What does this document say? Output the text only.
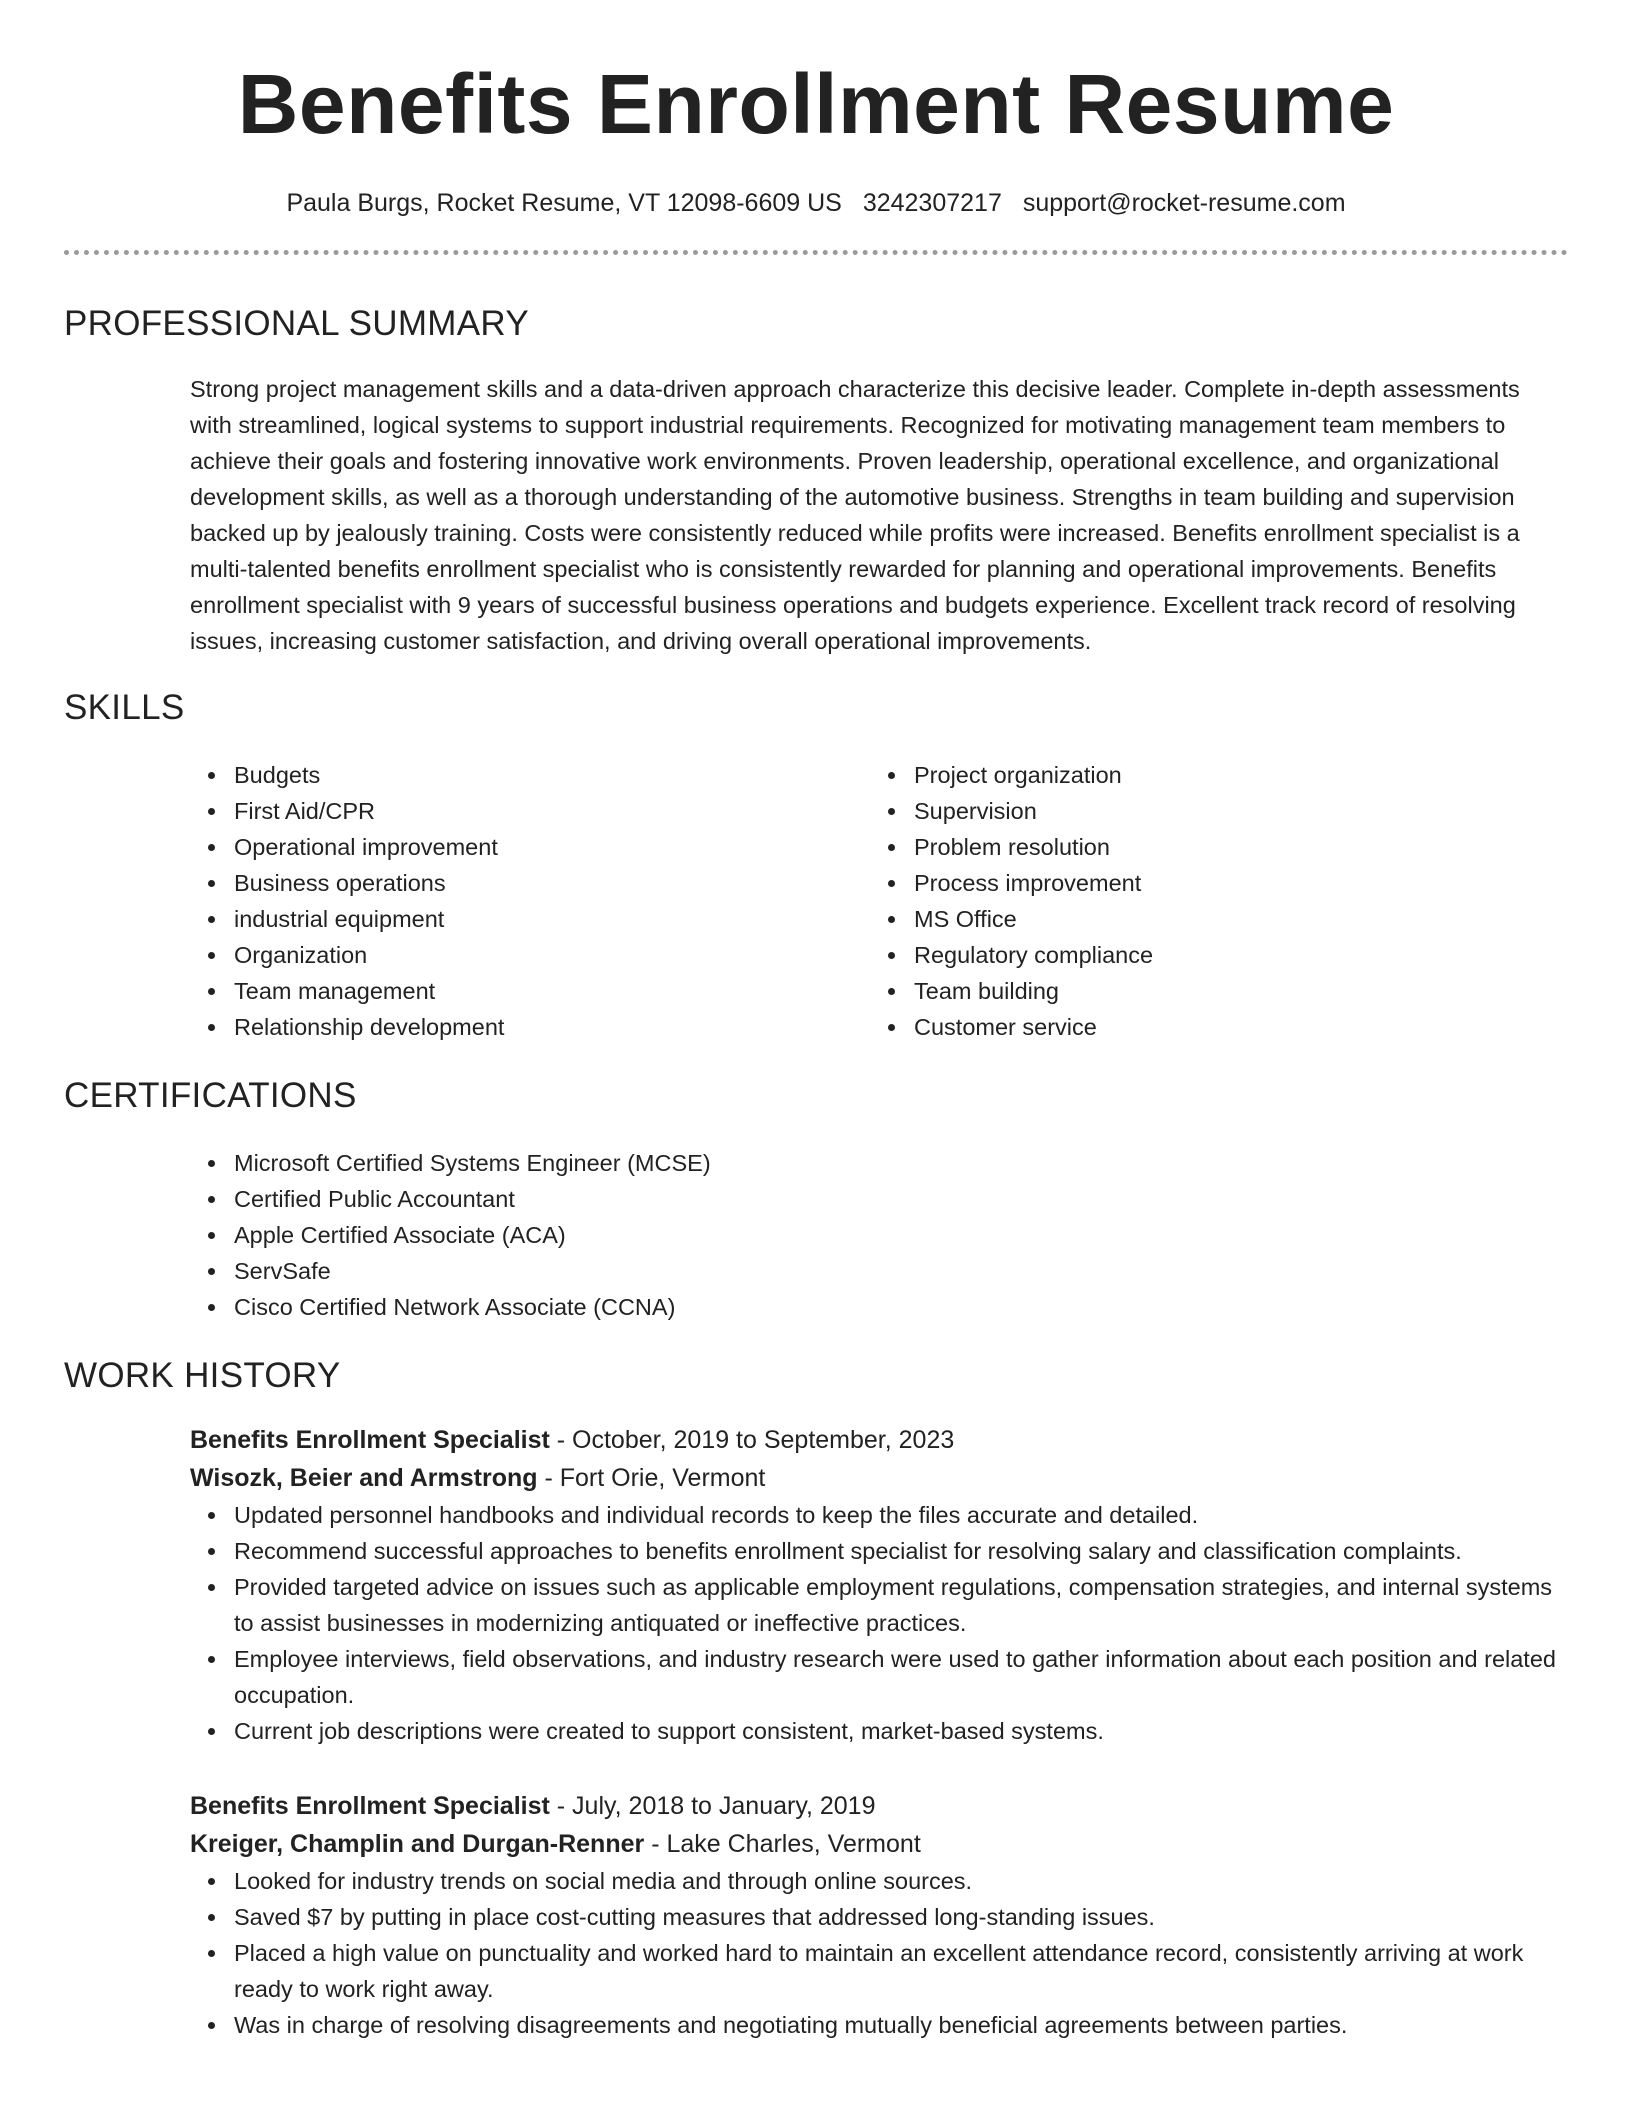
Benefits Enrollment Resume
Paula Burgs, Rocket Resume, VT 12098-6609 US 3242307217 support@rocket-resume.com
PROFESSIONAL SUMMARY
Strong project management skills and a data-driven approach characterize this decisive leader. Complete in-depth assessments with streamlined, logical systems to support industrial requirements. Recognized for motivating management team members to achieve their goals and fostering innovative work environments. Proven leadership, operational excellence, and organizational development skills, as well as a thorough understanding of the automotive business. Strengths in team building and supervision backed up by jealously training. Costs were consistently reduced while profits were increased. Benefits enrollment specialist is a multi-talented benefits enrollment specialist who is consistently rewarded for planning and operational improvements. Benefits enrollment specialist with 9 years of successful business operations and budgets experience. Excellent track record of resolving issues, increasing customer satisfaction, and driving overall operational improvements.
SKILLS
Budgets
First Aid/CPR
Operational improvement
Business operations
industrial equipment
Organization
Team management
Relationship development
Project organization
Supervision
Problem resolution
Process improvement
MS Office
Regulatory compliance
Team building
Customer service
CERTIFICATIONS
Microsoft Certified Systems Engineer (MCSE)
Certified Public Accountant
Apple Certified Associate (ACA)
ServSafe
Cisco Certified Network Associate (CCNA)
WORK HISTORY
Benefits Enrollment Specialist - October, 2019 to September, 2023
Wisozk, Beier and Armstrong - Fort Orie, Vermont
Updated personnel handbooks and individual records to keep the files accurate and detailed.
Recommend successful approaches to benefits enrollment specialist for resolving salary and classification complaints.
Provided targeted advice on issues such as applicable employment regulations, compensation strategies, and internal systems to assist businesses in modernizing antiquated or ineffective practices.
Employee interviews, field observations, and industry research were used to gather information about each position and related occupation.
Current job descriptions were created to support consistent, market-based systems.
Benefits Enrollment Specialist - July, 2018 to January, 2019
Kreiger, Champlin and Durgan-Renner - Lake Charles, Vermont
Looked for industry trends on social media and through online sources.
Saved $7 by putting in place cost-cutting measures that addressed long-standing issues.
Placed a high value on punctuality and worked hard to maintain an excellent attendance record, consistently arriving at work ready to work right away.
Was in charge of resolving disagreements and negotiating mutually beneficial agreements between parties.
